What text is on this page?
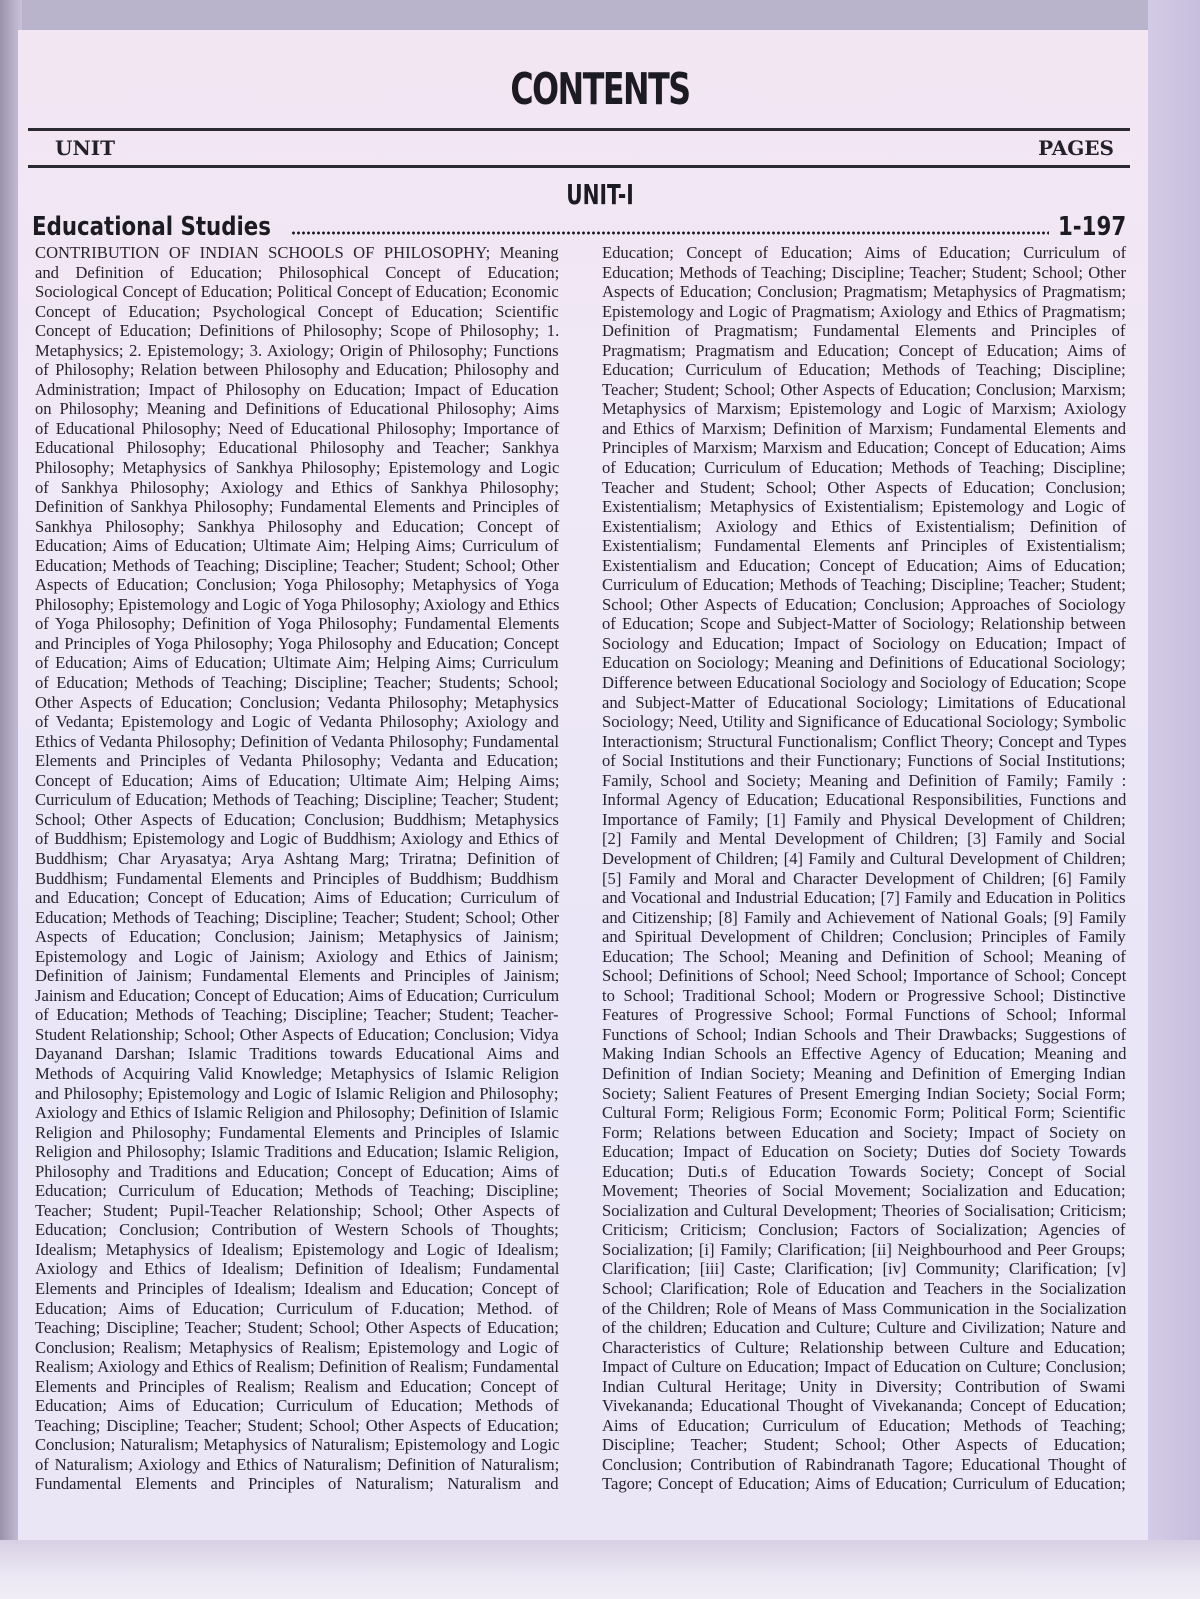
CONTENTS
UNIT	PAGES
UNIT-I
Educational Studies	1-197
CONTRIBUTION OF INDIAN SCHOOLS OF PHILOSOPHY; Meaning
and Definition of Education; Philosophical Concept of Education;
Sociological Concept of Education; Political Concept of Education; Economic
Concept of Education; Psychological Concept of Education; Scientific
Concept of Education; Definitions of Philosophy; Scope of Philosophy; 1.
Metaphysics; 2. Epistemology; 3. Axiology; Origin of Philosophy; Functions
of Philosophy; Relation between Philosophy and Education; Philosophy and
Administration; Impact of Philosophy on Education; Impact of Education
on Philosophy; Meaning and Definitions of Educational Philosophy; Aims
of Educational Philosophy; Need of Educational Philosophy; Importance of
Educational Philosophy; Educational Philosophy and Teacher; Sankhya
Philosophy; Metaphysics of Sankhya Philosophy; Epistemology and Logic
of Sankhya Philosophy; Axiology and Ethics of Sankhya Philosophy;
Definition of Sankhya Philosophy; Fundamental Elements and Principles of
Sankhya Philosophy; Sankhya Philosophy and Education; Concept of
Education; Aims of Education; Ultimate Aim; Helping Aims; Curriculum of
Education; Methods of Teaching; Discipline; Teacher; Student; School; Other
Aspects of Education; Conclusion; Yoga Philosophy; Metaphysics of Yoga
Philosophy; Epistemology and Logic of Yoga Philosophy; Axiology and Ethics
of Yoga Philosophy; Definition of Yoga Philosophy; Fundamental Elements
and Principles of Yoga Philosophy; Yoga Philosophy and Education; Concept
of Education; Aims of Education; Ultimate Aim; Helping Aims; Curriculum
of Education; Methods of Teaching; Discipline; Teacher; Students; School;
Other Aspects of Education; Conclusion; Vedanta Philosophy; Metaphysics
of Vedanta; Epistemology and Logic of Vedanta Philosophy; Axiology and
Ethics of Vedanta Philosophy; Definition of Vedanta Philosophy; Fundamental
Elements and Principles of Vedanta Philosophy; Vedanta and Education;
Concept of Education; Aims of Education; Ultimate Aim; Helping Aims;
Curriculum of Education; Methods of Teaching; Discipline; Teacher; Student;
School; Other Aspects of Education; Conclusion; Buddhism; Metaphysics
of Buddhism; Epistemology and Logic of Buddhism; Axiology and Ethics of
Buddhism; Char Aryasatya; Arya Ashtang Marg; Triratna; Definition of
Buddhism; Fundamental Elements and Principles of Buddhism; Buddhism
and Education; Concept of Education; Aims of Education; Curriculum of
Education; Methods of Teaching; Discipline; Teacher; Student; School; Other
Aspects of Education; Conclusion; Jainism; Metaphysics of Jainism;
Epistemology and Logic of Jainism; Axiology and Ethics of Jainism;
Definition of Jainism; Fundamental Elements and Principles of Jainism;
Jainism and Education; Concept of Education; Aims of Education; Curriculum
of Education; Methods of Teaching; Discipline; Teacher; Student; Teacher-
Student Relationship; School; Other Aspects of Education; Conclusion; Vidya
Dayanand Darshan; Islamic Traditions towards Educational Aims and
Methods of Acquiring Valid Knowledge; Metaphysics of Islamic Religion
and Philosophy; Epistemology and Logic of Islamic Religion and Philosophy;
Axiology and Ethics of Islamic Religion and Philosophy; Definition of Islamic
Religion and Philosophy; Fundamental Elements and Principles of Islamic
Religion and Philosophy; Islamic Traditions and Education; Islamic Religion,
Philosophy and Traditions and Education; Concept of Education; Aims of
Education; Curriculum of Education; Methods of Teaching; Discipline;
Teacher; Student; Pupil-Teacher Relationship; School; Other Aspects of
Education; Conclusion; Contribution of Western Schools of Thoughts;
Idealism; Metaphysics of Idealism; Epistemology and Logic of Idealism;
Axiology and Ethics of Idealism; Definition of Idealism; Fundamental
Elements and Principles of Idealism; Idealism and Education; Concept of
Education; Aims of Education; Curriculum of F.ducation; Method. of
Teaching; Discipline; Teacher; Student; School; Other Aspects of Education;
Conclusion; Realism; Metaphysics of Realism; Epistemology and Logic of
Realism; Axiology and Ethics of Realism; Definition of Realism; Fundamental
Elements and Principles of Realism; Realism and Education; Concept of
Education; Aims of Education; Curriculum of Education; Methods of
Teaching; Discipline; Teacher; Student; School; Other Aspects of Education;
Conclusion; Naturalism; Metaphysics of Naturalism; Epistemology and Logic
of Naturalism; Axiology and Ethics of Naturalism; Definition of Naturalism;
Fundamental Elements and Principles of Naturalism; Naturalism and
Education; Concept of Education; Aims of Education; Curriculum of
Education; Methods of Teaching; Discipline; Teacher; Student; School; Other
Aspects of Education; Conclusion; Pragmatism; Metaphysics of Pragmatism;
Epistemology and Logic of Pragmatism; Axiology and Ethics of Pragmatism;
Definition of Pragmatism; Fundamental Elements and Principles of
Pragmatism; Pragmatism and Education; Concept of Education; Aims of
Education; Curriculum of Education; Methods of Teaching; Discipline;
Teacher; Student; School; Other Aspects of Education; Conclusion; Marxism;
Metaphysics of Marxism; Epistemology and Logic of Marxism; Axiology
and Ethics of Marxism; Definition of Marxism; Fundamental Elements and
Principles of Marxism; Marxism and Education; Concept of Education; Aims
of Education; Curriculum of Education; Methods of Teaching; Discipline;
Teacher and Student; School; Other Aspects of Education; Conclusion;
Existentialism; Metaphysics of Existentialism; Epistemology and Logic of
Existentialism; Axiology and Ethics of Existentialism; Definition of
Existentialism; Fundamental Elements anf Principles of Existentialism;
Existentialism and Education; Concept of Education; Aims of Education;
Curriculum of Education; Methods of Teaching; Discipline; Teacher; Student;
School; Other Aspects of Education; Conclusion; Approaches of Sociology
of Education; Scope and Subject-Matter of Sociology; Relationship between
Sociology and Education; Impact of Sociology on Education; Impact of
Education on Sociology; Meaning and Definitions of Educational Sociology;
Difference between Educational Sociology and Sociology of Education; Scope
and Subject-Matter of Educational Sociology; Limitations of Educational
Sociology; Need, Utility and Significance of Educational Sociology; Symbolic
Interactionism; Structural Functionalism; Conflict Theory; Concept and Types
of Social Institutions and their Functionary; Functions of Social Institutions;
Family, School and Society; Meaning and Definition of Family; Family :
Informal Agency of Education; Educational Responsibilities, Functions and
Importance of Family; [1] Family and Physical Development of Children;
[2] Family and Mental Development of Children; [3] Family and Social
Development of Children; [4] Family and Cultural Development of Children;
[5] Family and Moral and Character Development of Children; [6] Family
and Vocational and Industrial Education; [7] Family and Education in Politics
and Citizenship; [8] Family and Achievement of National Goals; [9] Family
and Spiritual Development of Children; Conclusion; Principles of Family
Education; The School; Meaning and Definition of School; Meaning of
School; Definitions of School; Need School; Importance of School; Concept
to School; Traditional School; Modern or Progressive School; Distinctive
Features of Progressive School; Formal Functions of School; Informal
Functions of School; Indian Schools and Their Drawbacks; Suggestions of
Making Indian Schools an Effective Agency of Education; Meaning and
Definition of Indian Society; Meaning and Definition of Emerging Indian
Society; Salient Features of Present Emerging Indian Society; Social Form;
Cultural Form; Religious Form; Economic Form; Political Form; Scientific
Form; Relations between Education and Society; Impact of Society on
Education; Impact of Education on Society; Duties dof Society Towards
Education; Duti.s of Education Towards Society; Concept of Social
Movement; Theories of Social Movement; Socialization and Education;
Socialization and Cultural Development; Theories of Socialisation; Criticism;
Criticism; Criticism; Conclusion; Factors of Socialization; Agencies of
Socialization; [i] Family; Clarification; [ii] Neighbourhood and Peer Groups;
Clarification; [iii] Caste; Clarification; [iv] Community; Clarification; [v]
School; Clarification; Role of Education and Teachers in the Socialization
of the Children; Role of Means of Mass Communication in the Socialization
of the children; Education and Culture; Culture and Civilization; Nature and
Characteristics of Culture; Relationship between Culture and Education;
Impact of Culture on Education; Impact of Education on Culture; Conclusion;
Indian Cultural Heritage; Unity in Diversity; Contribution of Swami
Vivekananda; Educational Thought of Vivekananda; Concept of Education;
Aims of Education; Curriculum of Education; Methods of Teaching;
Discipline; Teacher; Student; School; Other Aspects of Education;
Conclusion; Contribution of Rabindranath Tagore; Educational Thought of
Tagore; Concept of Education; Aims of Education; Curriculum of Education;
